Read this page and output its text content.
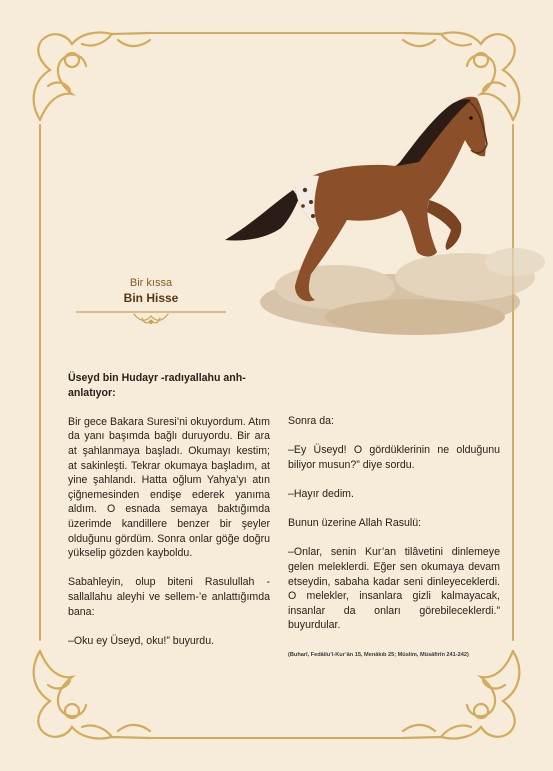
Bir kıssa
Bin Hisse

Üseyd bin Hudayr -radıyallahu anh- anlatıyor:

Bir gece Bakara Suresi’ni okuyordum. Atım da yanı başımda bağlı duruyordu. Bir ara at şahlanmaya başladı. Okumayı kestim; at sakinleşti. Tekrar okumaya başladım, at yine şahlandı. Hatta oğlum Yahya’yı atın çiğnemesinden endişe ederek yanıma aldım. O esnada semaya baktığımda üzerimde kandillere benzer bir şeyler olduğunu gördüm. Sonra onlar göğe doğru yükselip gözden kayboldu.

Sabahleyin, olup biteni Rasulullah -sallallahu aleyhi ve sellem-’e anlattığımda bana:

–Oku ey Üseyd, oku!” buyurdu.

Sonra da:

–Ey Üseyd! O gördüklerinin ne olduğunu biliyor musun?” diye sordu.

–Hayır dedim.

Bunun üzerine Allah Rasulü:

–Onlar, senin Kur’an tilâvetini dinlemeye gelen meleklerdi. Eğer sen okumaya devam etseydin, sabaha kadar seni dinleyeceklerdi. O melekler, insanlara gizli kalmayacak, insanlar da onları görebileceklerdi.” buyurdular.

(Buharî, Fedâilu’l-Kur’ân 15, Menâkıb 25; Müslim, Müsâfirîn 241-242)
